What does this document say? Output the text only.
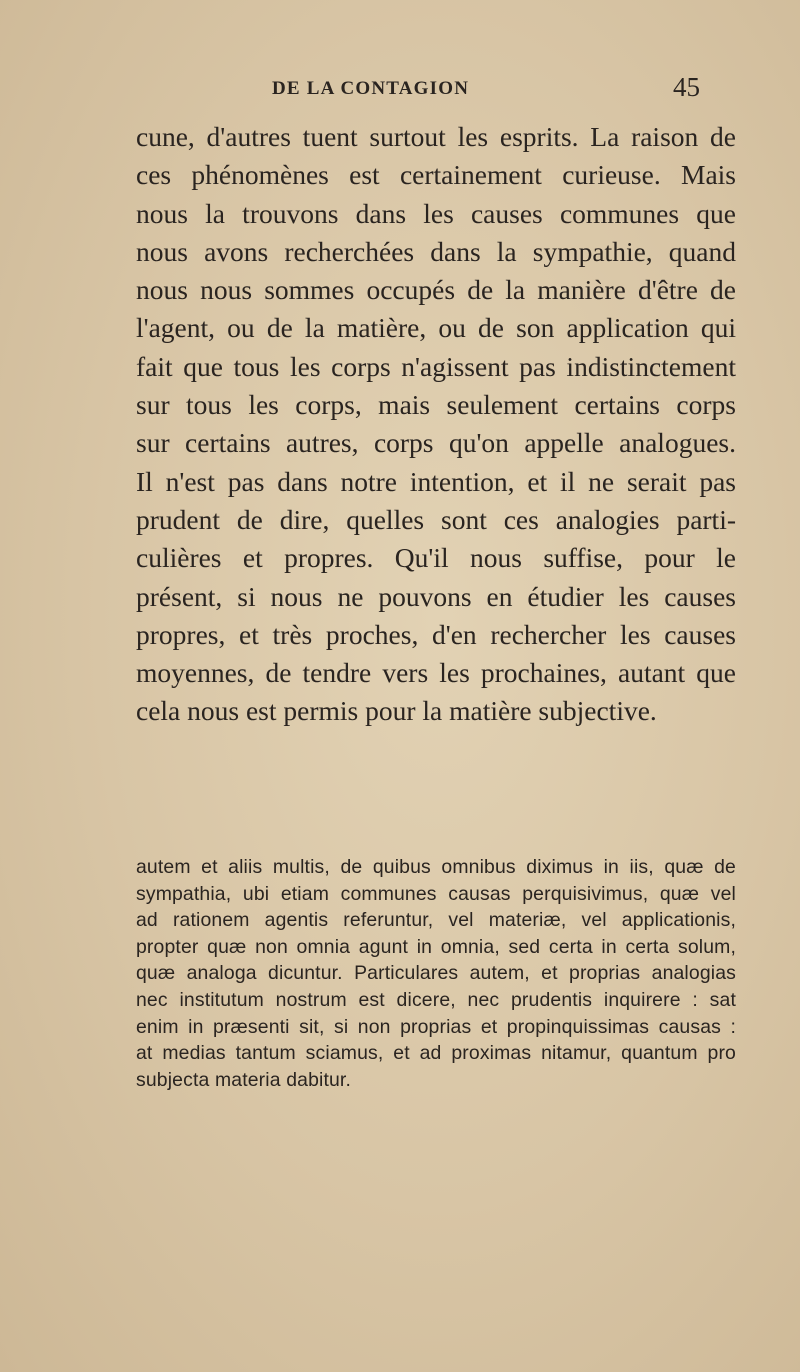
DE LA CONTAGION	45
cune, d'autres tuent surtout les esprits. La raison de
ces phénomènes est certainement curieuse. Mais
nous la trouvons dans les causes communes que
nous avons recherchées dans la sympathie, quand
nous nous sommes occupés de la manière d'être de
l'agent, ou de la matière, ou de son application qui
fait que tous les corps n'agissent pas indistinctement
sur tous les corps, mais seulement certains corps
sur certains autres, corps qu'on appelle analogues.
Il n'est pas dans notre intention, et il ne serait pas
prudent de dire, quelles sont ces analogies parti-
culières et propres. Qu'il nous suffise, pour le
présent, si nous ne pouvons en étudier les causes
propres, et très proches, d'en rechercher les causes
moyennes, de tendre vers les prochaines, autant que
cela nous est permis pour la matière subjective.
autem et aliis multis, de quibus omnibus diximus in iis, quæ de
sympathia, ubi etiam communes causas perquisivimus, quæ vel
ad rationem agentis referuntur, vel materiæ, vel applicationis,
propter quæ non omnia agunt in omnia, sed certa in certa solum,
quæ analoga dicuntur. Particulares autem, et proprias analogias
nec institutum nostrum est dicere, nec prudentis inquirere : sat
enim in præsenti sit, si non proprias et propinquissimas causas :
at medias tantum sciamus, et ad proximas nitamur, quantum pro
subjecta materia dabitur.
